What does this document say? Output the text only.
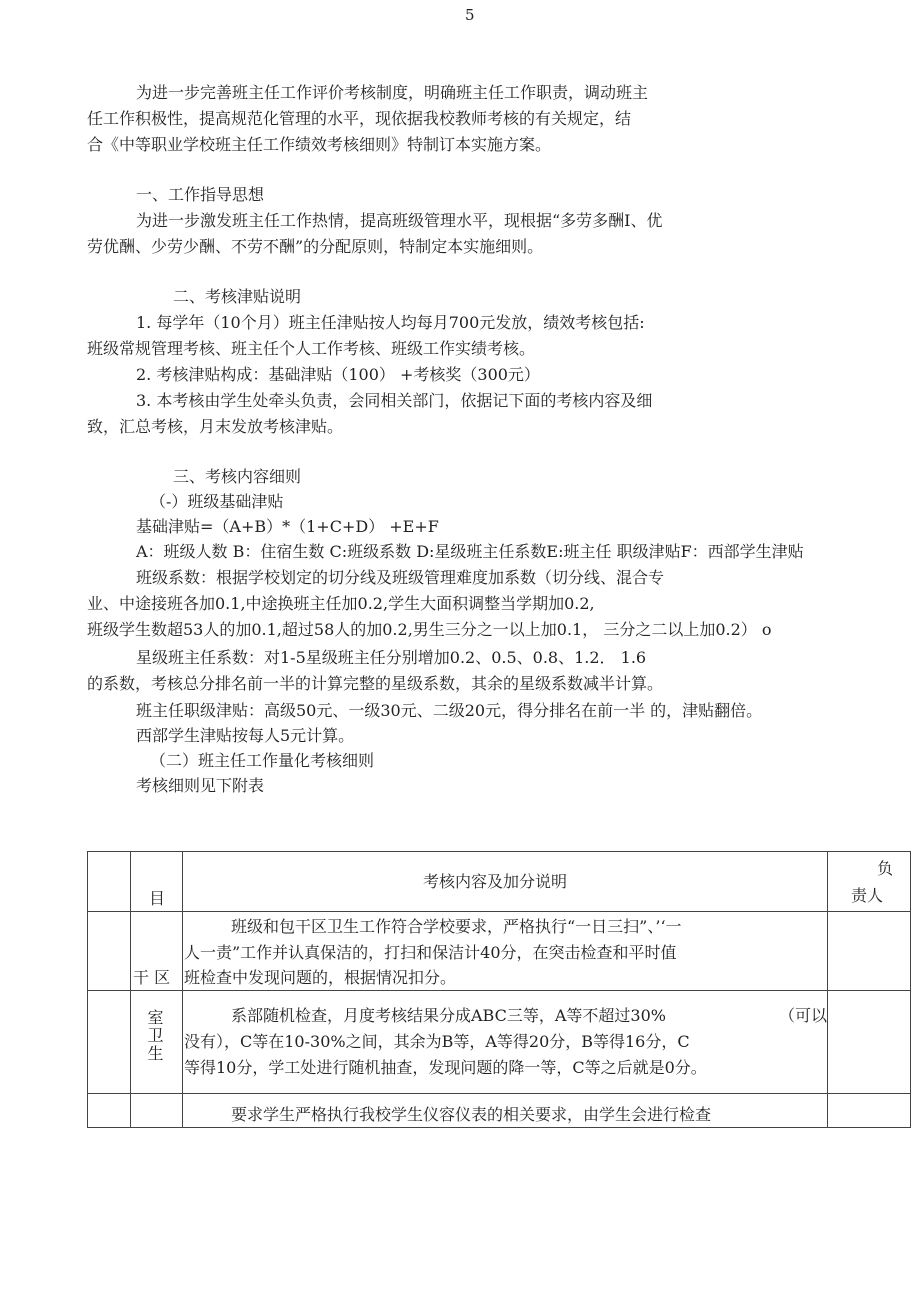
5
为进一步完善班主任工作评价考核制度，明确班主任工作职责，调动班主
任工作积极性，提高规范化管理的水平，现依据我校教师考核的有关规定，结
合《中等职业学校班主任工作绩效考核细则》特制订本实施方案。
一、工作指导思想
为进一步激发班主任工作热情，提高班级管理水平，现根据“多劳多酬I、优
劳优酬、少劳少酬、不劳不酬”的分配原则，特制定本实施细则。
二、考核津贴说明
1. 每学年（10个月）班主任津贴按人均每月700元发放，绩效考核包括:
班级常规管理考核、班主任个人工作考核、班级工作实绩考核。
2. 考核津贴构成：基础津贴（100） +考核奖（300元）
3. 本考核由学生处牵头负责，会同相关部门，依据记下面的考核内容及细
致，汇总考核，月末发放考核津贴。
三、考核内容细则
（-）班级基础津贴
基础津贴=（A+B）*（1+C+D） +E+F
A：班级人数 B：住宿生数 C:班级系数 D:星级班主任系数E:班主任 职级津贴F：西部学生津贴
班级系数：根据学校划定的切分线及班级管理难度加系数（切分线、混合专
业、中途接班各加0.1,中途换班主任加0.2,学生大面积调整当学期加0.2,
班级学生数超53人的加0.1,超过58人的加0.2,男生三分之一以上加0.1， 三分之二以上加0.2） o
星级班主任系数：对1-5星级班主任分别增加0.2、0.5、0.8、1.2． 1.6
的系数，考核总分排名前一半的计算完整的星级系数，其余的星级系数减半计算。
班主任职级津贴：高级50元、一级30元、二级20元，得分排名在前一半 的，津贴翻倍。
西部学生津贴按每人5元计算。
（二）班主任工作量化考核细则
考核细则见下附表

	目	考核内容及加分说明	负
责人

	干 区	班级和包干区卫生工作符合学校要求，严格执行“一日三扫”、’‘一
人一责”工作并认真保洁的，打扫和保洁计40分，在突击检查和平时值
班检查中发现问题的，根据情况扣分。	

	室卫生	系部随机检查，月度考核结果分成ABC三等，A等不超过30% （可以
没有），C等在10-30%之间，其余为B等，A等得20分，B等得16分，C
等得10分，学工处进行随机抽查，发现问题的降一等，C等之后就是0分。	

		要求学生严格执行我校学生仪容仪表的相关要求，由学生会进行检查	
